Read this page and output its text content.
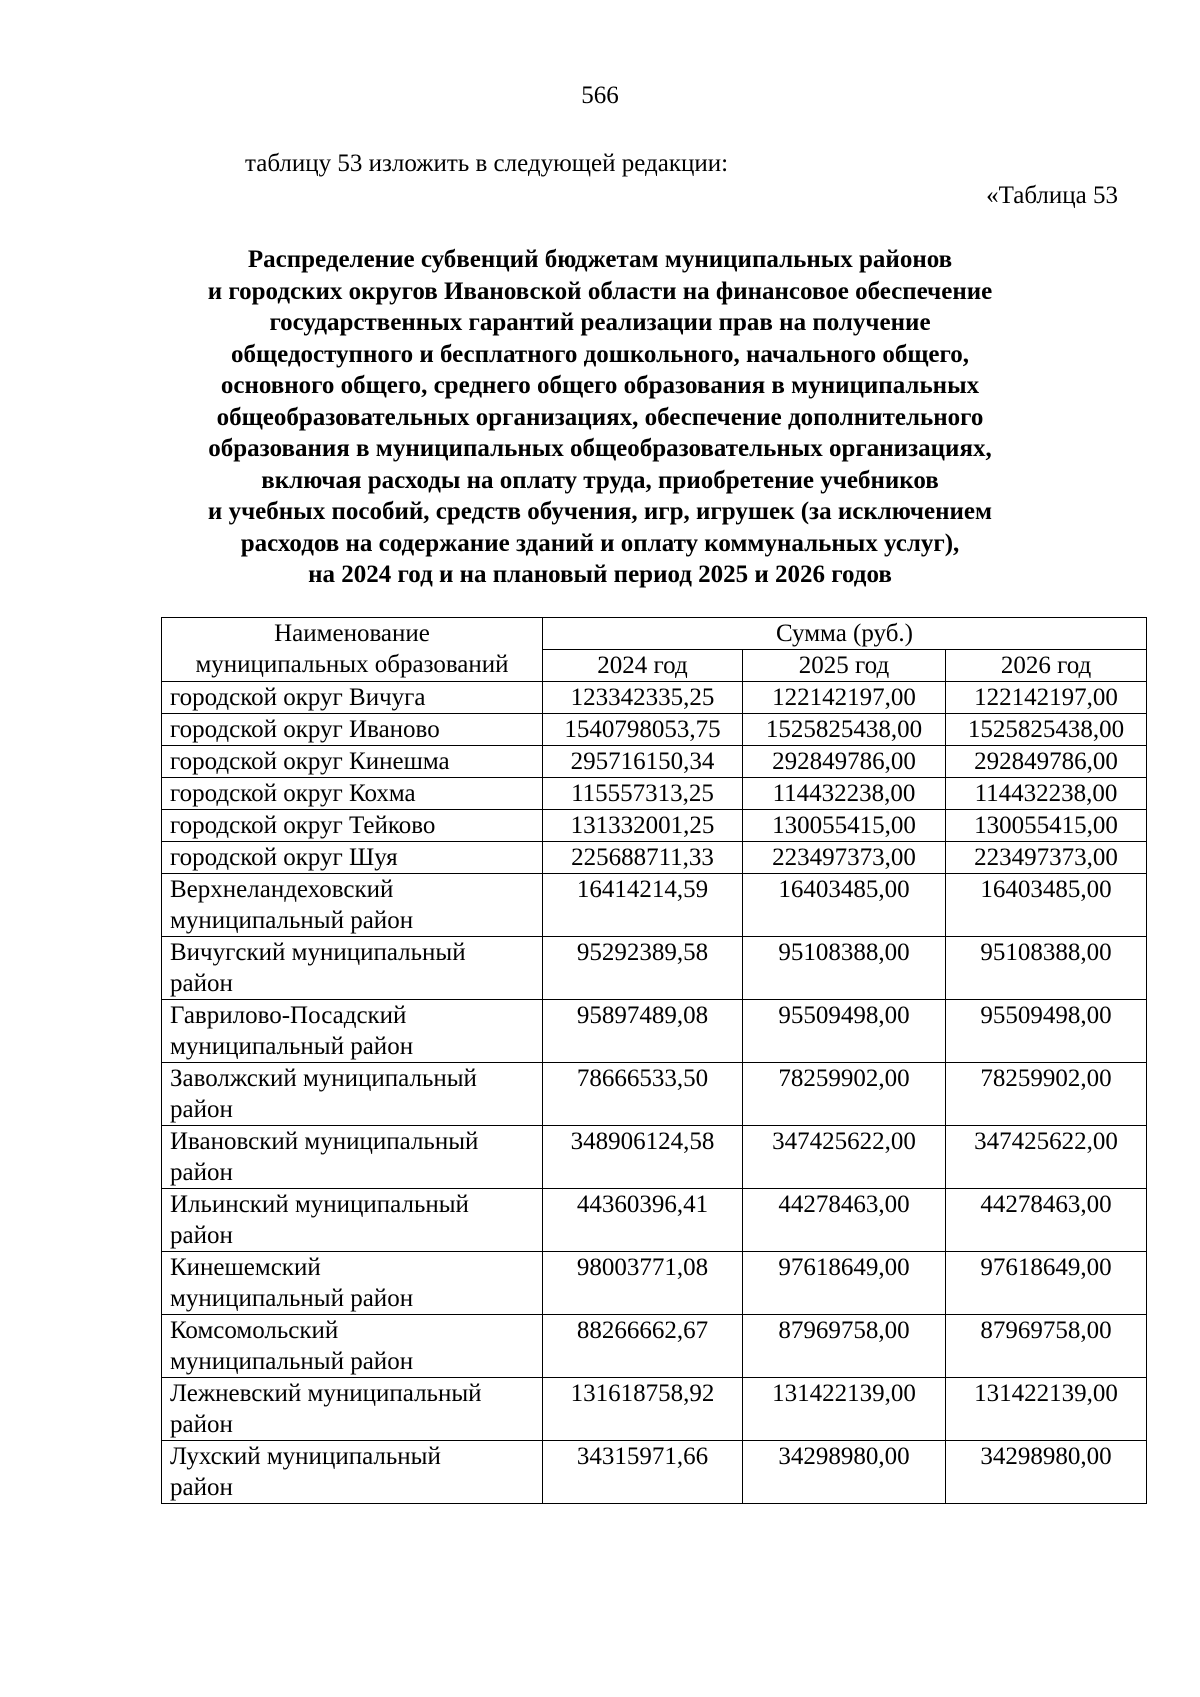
566
таблицу 53 изложить в следующей редакции:
«Таблица 53
Распределение субвенций бюджетам муниципальных районов
и городских округов Ивановской области на финансовое обеспечение
государственных гарантий реализации прав на получение
общедоступного и бесплатного дошкольного, начального общего,
основного общего, среднего общего образования в муниципальных
общеобразовательных организациях, обеспечение дополнительного
образования в муниципальных общеобразовательных организациях,
включая расходы на оплату труда, приобретение учебников
и учебных пособий, средств обучения, игр, игрушек (за исключением
расходов на содержание зданий и оплату коммунальных услуг),
на 2024 год и на плановый период 2025 и 2026 годов
Наименование
муниципальных образований	Сумма (руб.)		
	2024 год	2025 год	2026 год

городской округ Вичуга	123342335,25	122142197,00	122142197,00

городской округ Иваново	1540798053,75	1525825438,00	1525825438,00

городской округ Кинешма	295716150,34	292849786,00	292849786,00

городской округ Кохма	115557313,25	114432238,00	114432238,00

городской округ Тейково	131332001,25	130055415,00	130055415,00

городской округ Шуя	225688711,33	223497373,00	223497373,00

Верхнеландеховский
муниципальный район	16414214,59	16403485,00	16403485,00

Вичугский муниципальный
район	95292389,58	95108388,00	95108388,00

Гаврилово-Посадский
муниципальный район	95897489,08	95509498,00	95509498,00

Заволжский муниципальный
район	78666533,50	78259902,00	78259902,00

Ивановский муниципальный
район	348906124,58	347425622,00	347425622,00

Ильинский муниципальный
район	44360396,41	44278463,00	44278463,00

Кинешемский
муниципальный район	98003771,08	97618649,00	97618649,00

Комсомольский
муниципальный район	88266662,67	87969758,00	87969758,00

Лежневский муниципальный
район	131618758,92	131422139,00	131422139,00

Лухский муниципальный
район	34315971,66	34298980,00	34298980,00
